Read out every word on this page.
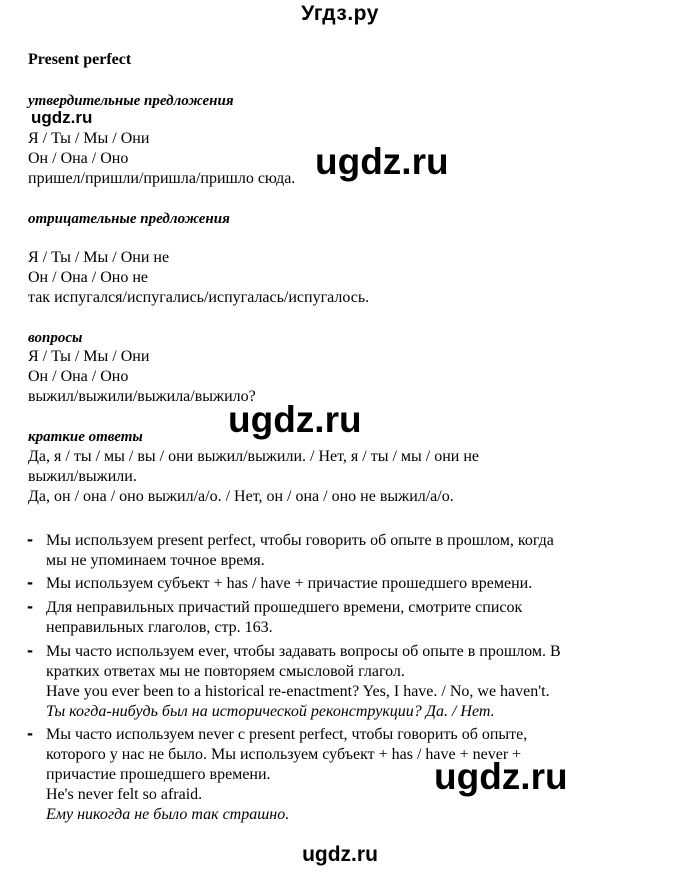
Угдз.ру
Present perfect
утвердительные предложения
ugdz.ru
Я / Ты / Мы / Они
Он / Она / Оно
пришел/пришли/пришла/пришло сюда. ugdz.ru
отрицательные предложения
Я / Ты / Мы / Они не
Он / Она / Оно не
так испугался/испугались/испугалась/испугалось.
вопросы
Я / Ты / Мы / Они
Он / Она / Оно
выжил/выжили/выжила/выжило?
ugdz.ru
краткие ответы
Да, я / ты / мы / вы / они выжил/выжили. / Нет, я / ты / мы / они не
выжил/выжили.
Да, он / она / оно выжил/а/о. / Нет, он / она / оно не выжил/а/о.
- Мы используем present perfect, чтобы говорить об опыте в прошлом, когда
мы не упоминаем точное время.
- Мы используем субъект + has / have + причастие прошедшего времени.
- Для неправильных причастий прошедшего времени, смотрите список
неправильных глаголов, стр. 163.
- Мы часто используем ever, чтобы задавать вопросы об опыте в прошлом. В
кратких ответах мы не повторяем смысловой глагол.
Have you ever been to a historical re-enactment? Yes, I have. / No, we haven't.
Ты когда-нибудь был на исторической реконструкции? Да. / Нет.
- Мы часто используем never с present perfect, чтобы говорить об опыте,
которого у нас не было. Мы используем субъект + has / have + never +
причастие прошедшего времени.
He's never felt so afraid.
Ему никогда не было так страшно.
ugdz.ru
ugdz.ru
